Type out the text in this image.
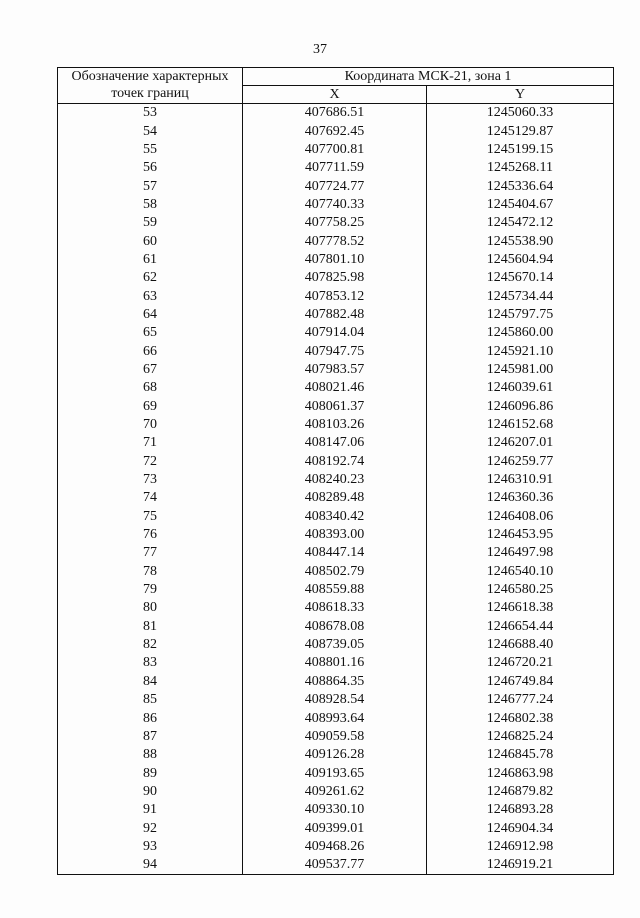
37
Обозначение характерных точек границ	Координата МСК-21, зона 1	
	X	Y
53	407686.51	1245060.33
54	407692.45	1245129.87
55	407700.81	1245199.15
56	407711.59	1245268.11
57	407724.77	1245336.64
58	407740.33	1245404.67
59	407758.25	1245472.12
60	407778.52	1245538.90
61	407801.10	1245604.94
62	407825.98	1245670.14
63	407853.12	1245734.44
64	407882.48	1245797.75
65	407914.04	1245860.00
66	407947.75	1245921.10
67	407983.57	1245981.00
68	408021.46	1246039.61
69	408061.37	1246096.86
70	408103.26	1246152.68
71	408147.06	1246207.01
72	408192.74	1246259.77
73	408240.23	1246310.91
74	408289.48	1246360.36
75	408340.42	1246408.06
76	408393.00	1246453.95
77	408447.14	1246497.98
78	408502.79	1246540.10
79	408559.88	1246580.25
80	408618.33	1246618.38
81	408678.08	1246654.44
82	408739.05	1246688.40
83	408801.16	1246720.21
84	408864.35	1246749.84
85	408928.54	1246777.24
86	408993.64	1246802.38
87	409059.58	1246825.24
88	409126.28	1246845.78
89	409193.65	1246863.98
90	409261.62	1246879.82
91	409330.10	1246893.28
92	409399.01	1246904.34
93	409468.26	1246912.98
94	409537.77	1246919.21
